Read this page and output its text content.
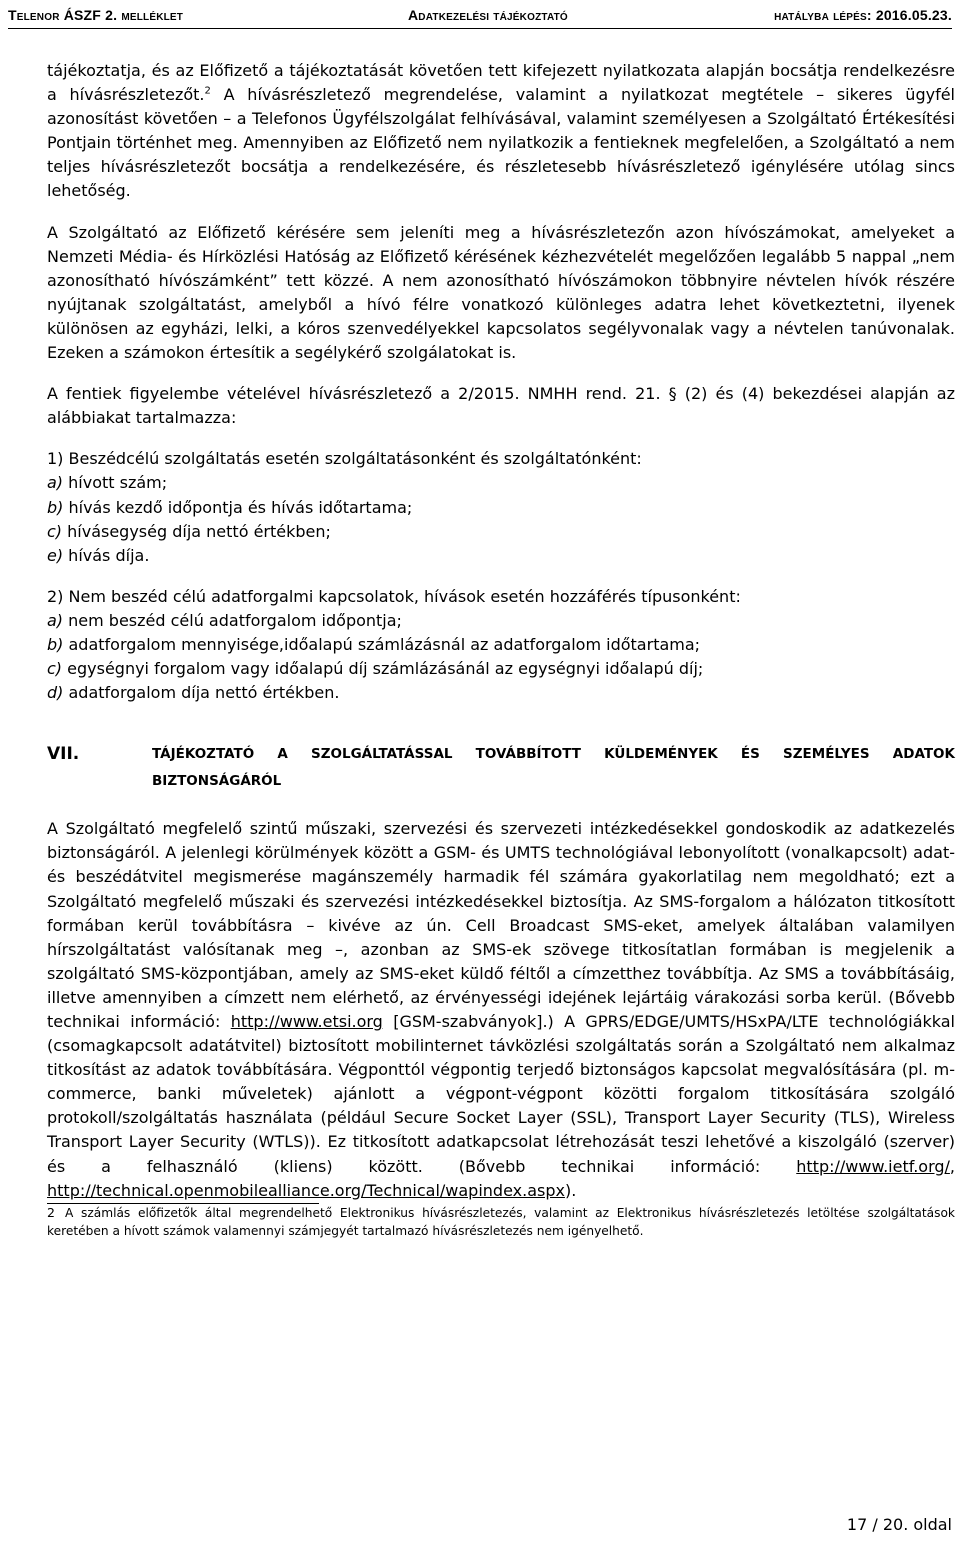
Telenor ÁSZF 2. melléklet	Adatkezelési tájékoztató	hatályba lépés: 2016.05.23.

tájékoztatja, és az Előfizető a tájékoztatását követően tett kifejezett nyilatkozata alapján bocsátja rendelkezésre a hívásrészletezőt.$^2$ A hívásrészletező megrendelése, valamint a nyilatkozat megtétele – sikeres ügyfél azonosítást követően – a Telefonos Ügyfélszolgálat felhívásával, valamint személyesen a Szolgáltató Értékesítési Pontjain történhet meg. Amennyiben az Előfizető nem nyilatkozik a fentieknek megfelelően, a Szolgáltató a nem teljes hívásrészletezőt bocsátja a rendelkezésére, és részletesebb hívásrészletező igénylésére utólag sincs lehetőség.

A Szolgáltató az Előfizető kérésére sem jeleníti meg a hívásrészletezőn azon hívószámokat, amelyeket a Nemzeti Média- és Hírközlési Hatóság az Előfizető kérésének kézhezvételét megelőzően legalább 5 nappal „nem azonosítható hívószámként” tett közzé. A nem azonosítható hívószámokon többnyire névtelen hívók részére nyújtanak szolgáltatást, amelyből a hívó félre vonatkozó különleges adatra lehet következtetni, ilyenek különösen az egyházi, lelki, a kóros szenvedélyekkel kapcsolatos segélyvonalak vagy a névtelen tanúvonalak. Ezeken a számokon értesítik a segélykérő szolgálatokat is.

A fentiek figyelembe vételével hívásrészletező a 2/2015. NMHH rend. 21. § (2) és (4) bekezdései alapján az alábbiakat tartalmazza:

1) Beszédcélú szolgáltatás esetén szolgáltatásonként és szolgáltatónként:

a) hívott szám;
b) hívás kezdő időpontja és hívás időtartama;
c) hívásegység díja nettó értékben;
e) hívás díja.

2) Nem beszéd célú adatforgalmi kapcsolatok, hívások esetén hozzáférés típusonként:

a) nem beszéd célú adatforgalom időpontja;
b) adatforgalom mennyisége,időalapú számlázásnál az adatforgalom időtartama;
c) egységnyi forgalom vagy időalapú díj számlázásánál az egységnyi időalapú díj;
d) adatforgalom díja nettó értékben.
VII.	TÁJÉKOZTATÓ A SZOLGÁLTATÁSSAL TOVÁBBÍTOTT KÜLDEMÉNYEK ÉS SZEMÉLYES ADATOK BIZTONSÁGÁRÓL

A Szolgáltató megfelelő szintű műszaki, szervezési és szervezeti intézkedésekkel gondoskodik az adatkezelés biztonságáról. A jelenlegi körülmények között a GSM- és UMTS technológiával lebonyolított (vonalkapcsolt) adat- és beszédátvitel megismerése magánszemély harmadik fél számára gyakorlatilag nem megoldható; ezt a Szolgáltató megfelelő műszaki és szervezési intézkedésekkel biztosítja. Az SMS-forgalom a hálózaton titkosított formában kerül továbbításra – kivéve az ún. Cell Broadcast SMS-eket, amelyek általában valamilyen hírszolgáltatást valósítanak meg –, azonban az SMS-ek szövege titkosítatlan formában is megjelenik a szolgáltató SMS-központjában, amely az SMS-eket küldő féltől a címzetthez továbbítja. Az SMS a továbbításáig, illetve amennyiben a címzett nem elérhető, az érvényességi idejének lejártáig várakozási sorba kerül. (Bővebb technikai információ: http://www.etsi.org [GSM-szabványok].) A GPRS/EDGE/UMTS/HSxPA/LTE technológiákkal (csomagkapcsolt adatátvitel) biztosított mobilinternet távközlési szolgáltatás során a Szolgáltató nem alkalmaz titkosítást az adatok továbbítására. Végponttól végpontig terjedő biztonságos kapcsolat megvalósítására (pl. m-commerce, banki műveletek) ajánlott a végpont-végpont közötti forgalom titkosítására szolgáló protokoll/szolgáltatás használata (például Secure Socket Layer (SSL), Transport Layer Security (TLS), Wireless Transport Layer Security (WTLS)). Ez titkosított adatkapcsolat létrehozását teszi lehetővé a kiszolgáló (szerver) és a felhasználó (kliens) között. (Bővebb technikai információ: http://www.ietf.org/, http://technical.openmobilealliance.org/Technical/wapindex.aspx).

2 A számlás előfizetők által megrendelhető Elektronikus hívásrészletezés, valamint az Elektronikus hívásrészletezés letöltése szolgáltatások keretében a hívott számok valamennyi számjegyét tartalmazó hívásrészletezés nem igényelhető.

17 / 20. oldal
